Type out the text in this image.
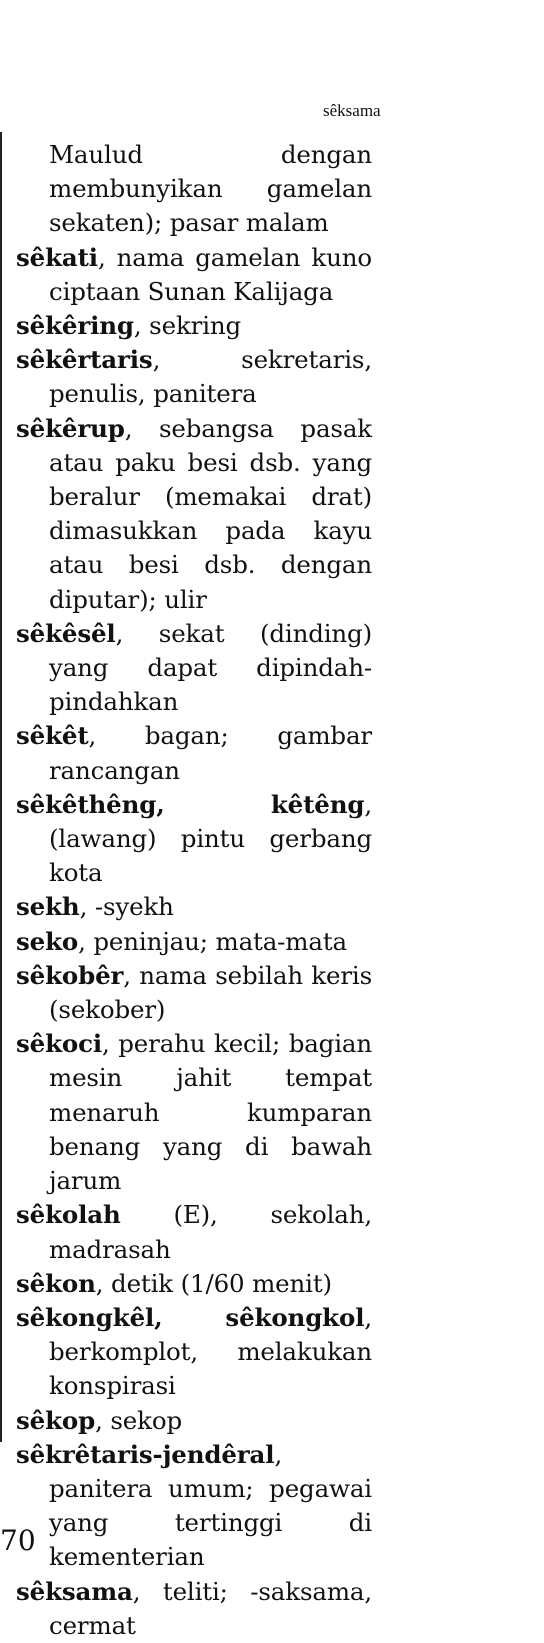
sêksama

Maulud dengan membunyikan gamelan sekaten); pasar malam

sêkati, nama gamelan kuno ciptaan Sunan Kalijaga

sêkêring, sekring

sêkêrtaris, sekretaris, penulis, panitera

sêkêrup, sebangsa pasak atau paku besi dsb. yang beralur (memakai drat) dimasukkan pada kayu atau besi dsb. dengan diputar); ulir

sêkêsêl, sekat (dinding) yang dapat dipindah-pindahkan

sêkêt, bagan; gambar rancangan

sêkêthêng, kêtêng, (lawang) pintu gerbang kota

sekh, -syekh

seko, peninjau; mata-mata

sêkobêr, nama sebilah keris (sekober)

sêkoci, perahu kecil; bagian mesin jahit tempat menaruh kumparan benang yang di bawah jarum

sêkolah (E), sekolah, madrasah

sêkon, detik (1/60 menit)

sêkongkêl, sêkongkol, berkomplot, melakukan konspirasi

sêkop, sekop

sêkrêtaris-jendêral, panitera umum; pegawai yang tertinggi di kementerian

sêksama, teliti; -saksama, cermat

70
